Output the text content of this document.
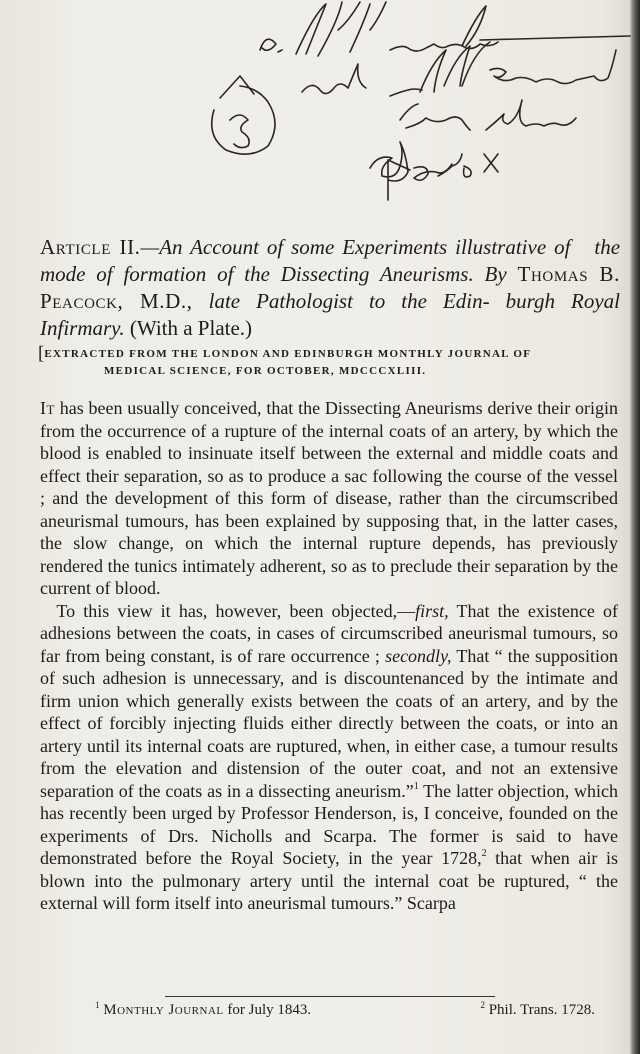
Article II.—An Account of some Experiments illustrative of the mode of formation of the Dissecting Aneurisms. By Thomas B. Peacock, M.D., late Pathologist to the Edin- burgh Royal Infirmary. (With a Plate.)

[EXTRACTED FROM THE LONDON AND EDINBURGH MONTHLY JOURNAL OF
MEDICAL SCIENCE, FOR OCTOBER, MDCCCXLIII.

It has been usually conceived, that the Dissecting Aneurisms derive their origin from the occurrence of a rupture of the internal coats of an artery, by which the blood is enabled to insinuate itself between the external and middle coats and effect their separation, so as to produce a sac following the course of the vessel ; and the development of this form of disease, rather than the circumscribed aneurismal tumours, has been explained by supposing that, in the latter cases, the slow change, on which the internal rupture depends, has previously rendered the tunics intimately adherent, so as to preclude their separation by the current of blood.

To this view it has, however, been objected,—first, That the existence of adhesions between the coats, in cases of circumscribed aneurismal tumours, so far from being constant, is of rare occurrence ; secondly, That “ the supposition of such adhesion is unnecessary, and is discountenanced by the intimate and firm union which generally exists between the coats of an artery, and by the effect of forcibly injecting fluids either directly between the coats, or into an artery until its internal coats are ruptured, when, in either case, a tumour results from the elevation and distension of the outer coat, and not an extensive separation of the coats as in a dissecting aneurism.”$^1$ The latter objection, which has recently been urged by Professor Henderson, is, I conceive, founded on the experiments of Drs. Nicholls and Scarpa. The former is said to have demonstrated before the Royal Society, in the year 1728,$^2$ that when air is blown into the pulmonary artery until the internal coat be ruptured, “ the external will form itself into aneurismal tumours.” Scarpa

$^1$ Monthly Journal for July 1843.	$^2$ Phil. Trans. 1728.
